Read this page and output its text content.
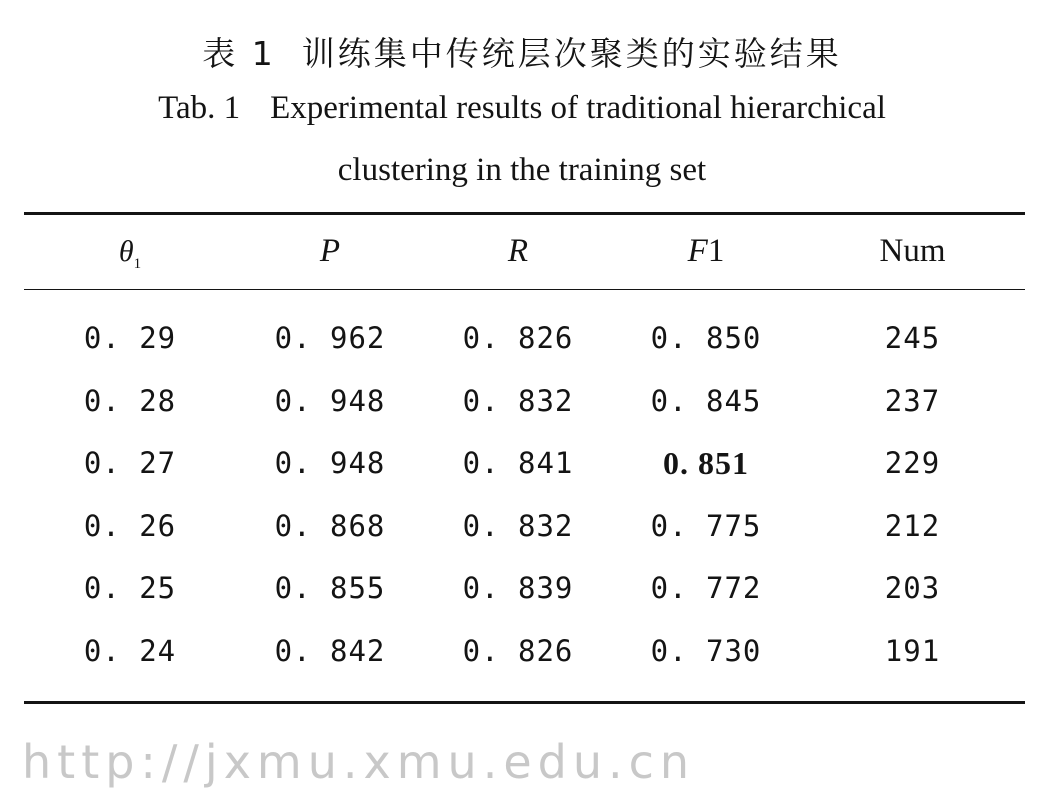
表 1 训练集中传统层次聚类的实验结果
Tab. 1 Experimental results of traditional hierarchical
clustering in the training set
$\theta_1$	P	R	F1	Num
0. 29	0. 962	0. 826	0. 850	245
0. 28	0. 948	0. 832	0. 845	237
0. 27	0. 948	0. 841	0. 851	229
0. 26	0. 868	0. 832	0. 775	212
0. 25	0. 855	0. 839	0. 772	203
0. 24	0. 842	0. 826	0. 730	191
http://jxmu.xmu.edu.cn
